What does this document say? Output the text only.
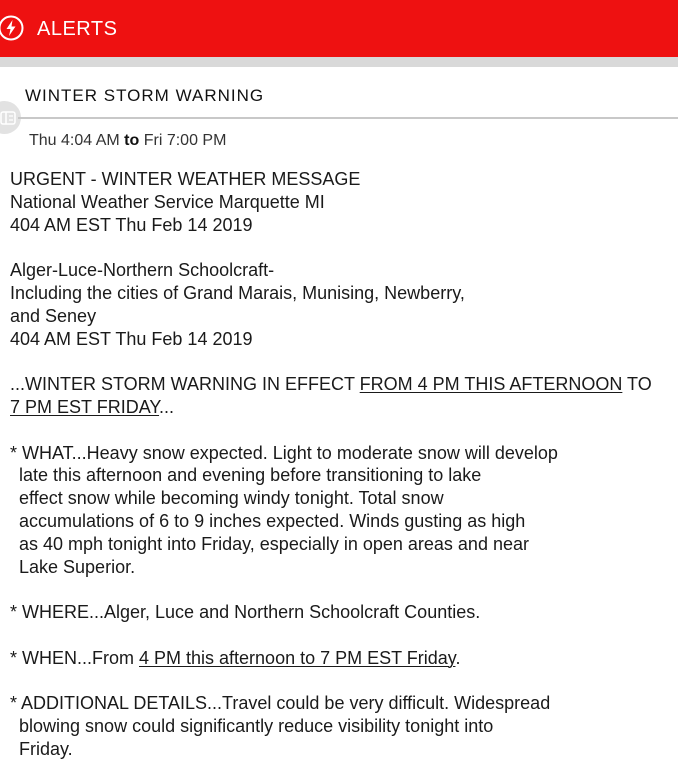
ALERTS
WINTER STORM WARNING
Thu 4:04 AM to Fri 7:00 PM

URGENT - WINTER WEATHER MESSAGE

National Weather Service Marquette MI

404 AM EST Thu Feb 14 2019

Alger-Luce-Northern Schoolcraft-

Including the cities of Grand Marais, Munising, Newberry,

and Seney

404 AM EST Thu Feb 14 2019

...WINTER STORM WARNING IN EFFECT FROM 4 PM THIS AFTERNOON TO

7 PM EST FRIDAY...

* WHAT...Heavy snow expected. Light to moderate snow will develop

late this afternoon and evening before transitioning to lake

effect snow while becoming windy tonight. Total snow

accumulations of 6 to 9 inches expected. Winds gusting as high

as 40 mph tonight into Friday, especially in open areas and near

Lake Superior.

* WHERE...Alger, Luce and Northern Schoolcraft Counties.

* WHEN...From 4 PM this afternoon to 7 PM EST Friday.

* ADDITIONAL DETAILS...Travel could be very difficult. Widespread

blowing snow could significantly reduce visibility tonight into

Friday.
